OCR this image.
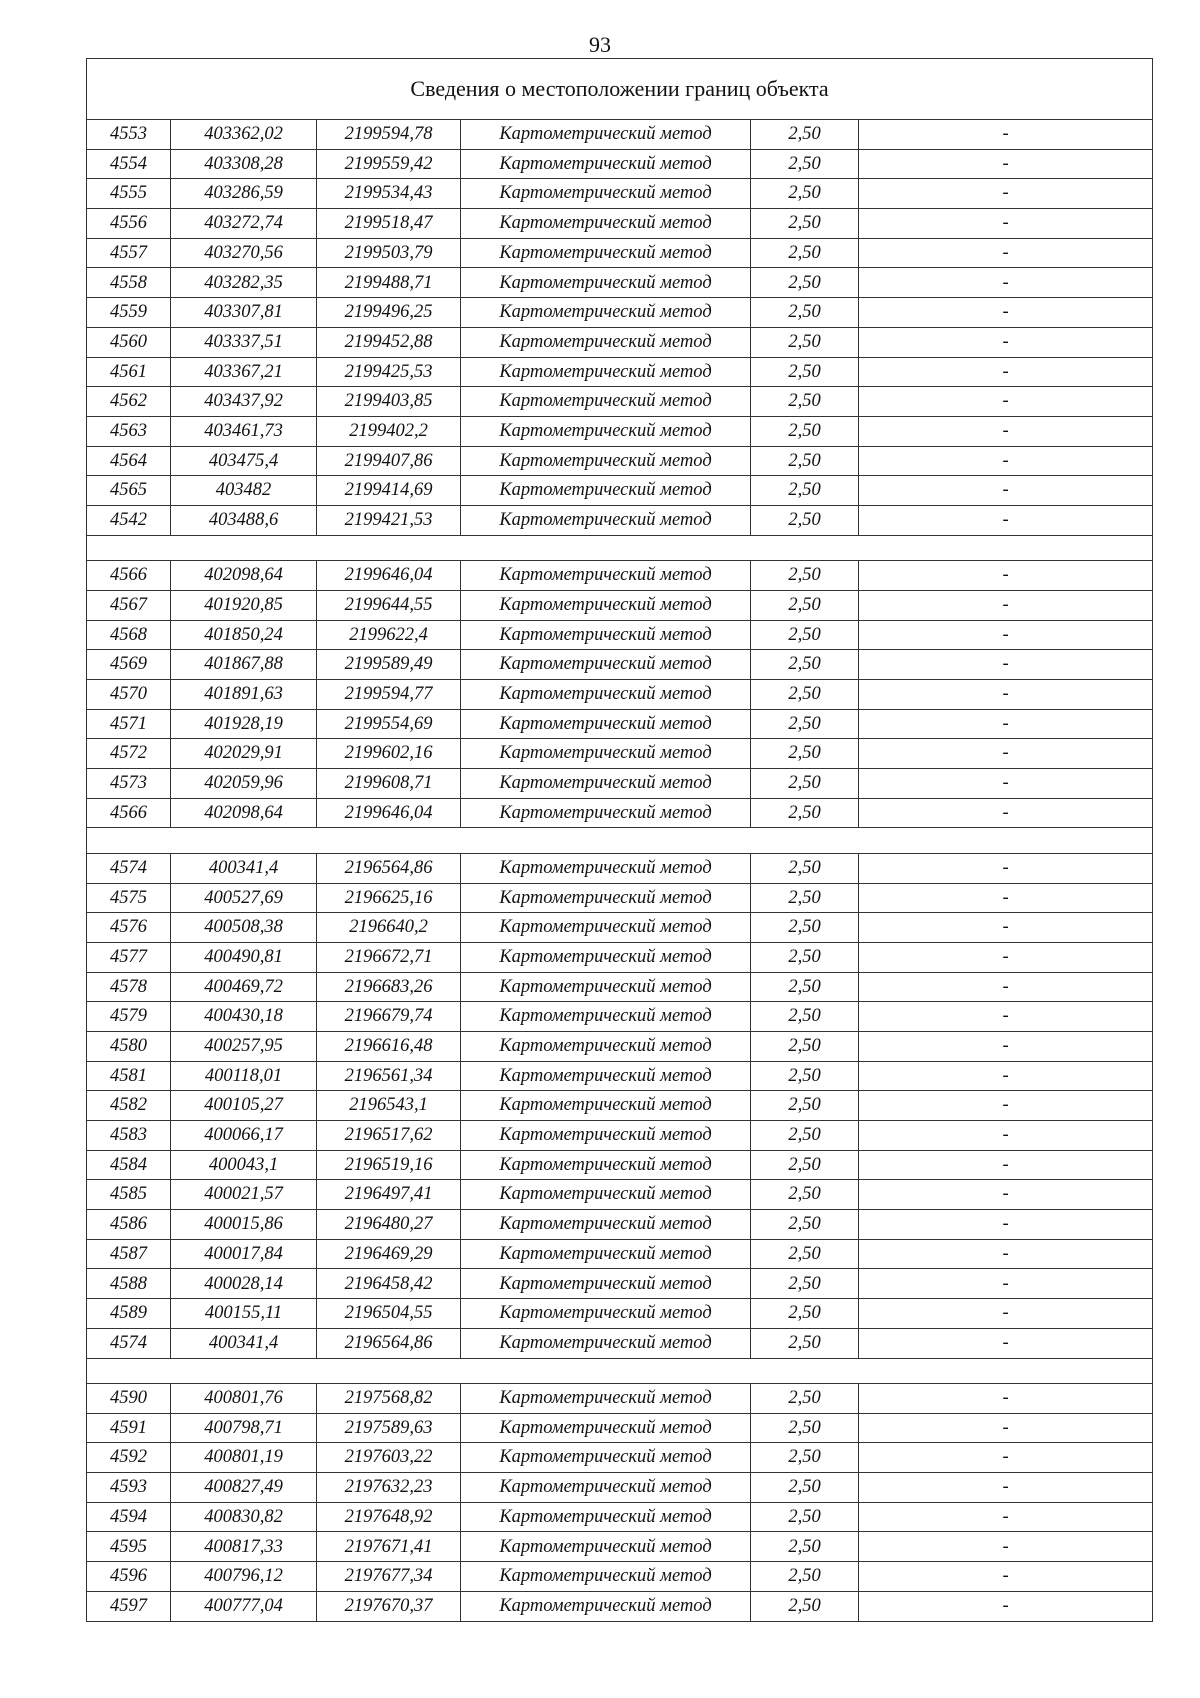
93
Сведения о местоположении границ объекта					
4553	403362,02	2199594,78	Картометрический метод	2,50	-
4554	403308,28	2199559,42	Картометрический метод	2,50	-
4555	403286,59	2199534,43	Картометрический метод	2,50	-
4556	403272,74	2199518,47	Картометрический метод	2,50	-
4557	403270,56	2199503,79	Картометрический метод	2,50	-
4558	403282,35	2199488,71	Картометрический метод	2,50	-
4559	403307,81	2199496,25	Картометрический метод	2,50	-
4560	403337,51	2199452,88	Картометрический метод	2,50	-
4561	403367,21	2199425,53	Картометрический метод	2,50	-
4562	403437,92	2199403,85	Картометрический метод	2,50	-
4563	403461,73	2199402,2	Картометрический метод	2,50	-
4564	403475,4	2199407,86	Картометрический метод	2,50	-
4565	403482	2199414,69	Картометрический метод	2,50	-
4542	403488,6	2199421,53	Картометрический метод	2,50	-

4566	402098,64	2199646,04	Картометрический метод	2,50	-
4567	401920,85	2199644,55	Картометрический метод	2,50	-
4568	401850,24	2199622,4	Картометрический метод	2,50	-
4569	401867,88	2199589,49	Картометрический метод	2,50	-
4570	401891,63	2199594,77	Картометрический метод	2,50	-
4571	401928,19	2199554,69	Картометрический метод	2,50	-
4572	402029,91	2199602,16	Картометрический метод	2,50	-
4573	402059,96	2199608,71	Картометрический метод	2,50	-
4566	402098,64	2199646,04	Картометрический метод	2,50	-

4574	400341,4	2196564,86	Картометрический метод	2,50	-
4575	400527,69	2196625,16	Картометрический метод	2,50	-
4576	400508,38	2196640,2	Картометрический метод	2,50	-
4577	400490,81	2196672,71	Картометрический метод	2,50	-
4578	400469,72	2196683,26	Картометрический метод	2,50	-
4579	400430,18	2196679,74	Картометрический метод	2,50	-
4580	400257,95	2196616,48	Картометрический метод	2,50	-
4581	400118,01	2196561,34	Картометрический метод	2,50	-
4582	400105,27	2196543,1	Картометрический метод	2,50	-
4583	400066,17	2196517,62	Картометрический метод	2,50	-
4584	400043,1	2196519,16	Картометрический метод	2,50	-
4585	400021,57	2196497,41	Картометрический метод	2,50	-
4586	400015,86	2196480,27	Картометрический метод	2,50	-
4587	400017,84	2196469,29	Картометрический метод	2,50	-
4588	400028,14	2196458,42	Картометрический метод	2,50	-
4589	400155,11	2196504,55	Картометрический метод	2,50	-
4574	400341,4	2196564,86	Картометрический метод	2,50	-

4590	400801,76	2197568,82	Картометрический метод	2,50	-
4591	400798,71	2197589,63	Картометрический метод	2,50	-
4592	400801,19	2197603,22	Картометрический метод	2,50	-
4593	400827,49	2197632,23	Картометрический метод	2,50	-
4594	400830,82	2197648,92	Картометрический метод	2,50	-
4595	400817,33	2197671,41	Картометрический метод	2,50	-
4596	400796,12	2197677,34	Картометрический метод	2,50	-
4597	400777,04	2197670,37	Картометрический метод	2,50	-
